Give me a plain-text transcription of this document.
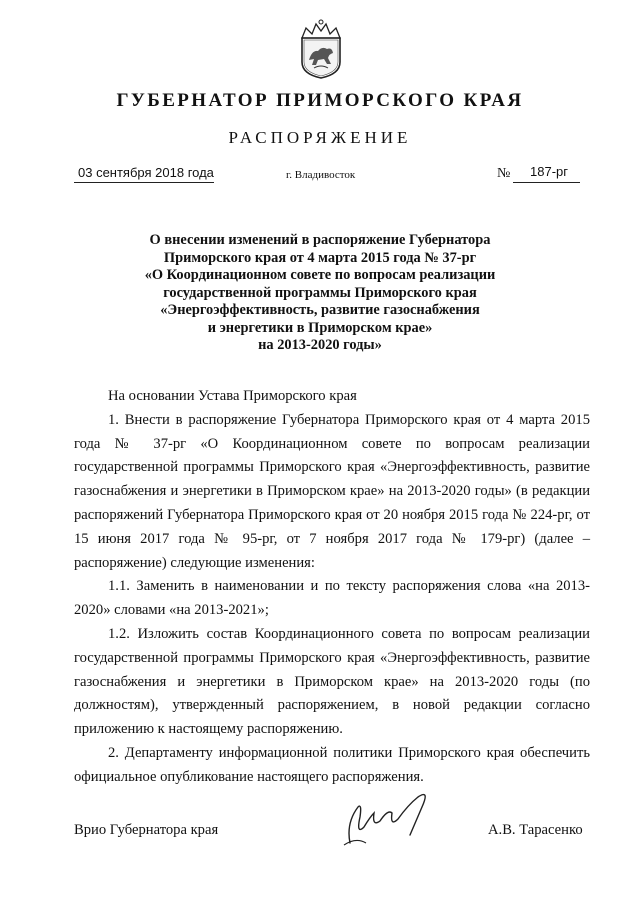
ГУБЕРНАТОР ПРИМОРСКОГО КРАЯ
РАСПОРЯЖЕНИЕ
03 сентября 2018 года	г. Владивосток	№ 187-рг
О внесении изменений в распоряжение Губернатора
Приморского края от 4 марта 2015 года № 37-рг
«О Координационном совете по вопросам реализации
государственной программы Приморского края
«Энергоэффективность, развитие газоснабжения
и энергетики в Приморском крае»
на 2013-2020 годы»

На основании Устава Приморского края

1. Внести в распоряжение Губернатора Приморского края от 4 марта 2015 года № 37-рг «О Координационном совете по вопросам реализации государственной программы Приморского края «Энергоэффективность, развитие газоснабжения и энергетики в Приморском крае» на 2013-2020 годы» (в редакции распоряжений Губернатора Приморского края от 20 ноября 2015 года № 224-рг, от 15 июня 2017 года № 95-рг, от 7 ноября 2017 года № 179-рг) (далее – распоряжение) следующие изменения:

1.1. Заменить в наименовании и по тексту распоряжения слова «на 2013-2020» словами «на 2013-2021»;

1.2. Изложить состав Координационного совета по вопросам реализации государственной программы Приморского края «Энергоэффективность, развитие газоснабжения и энергетики в Приморском крае» на 2013-2020 годы (по должностям), утвержденный распоряжением, в новой редакции согласно приложению к настоящему распоряжению.

2. Департаменту информационной политики Приморского края обеспечить официальное опубликование настоящего распоряжения.

Врио Губернатора края	А.В. Тарасенко
